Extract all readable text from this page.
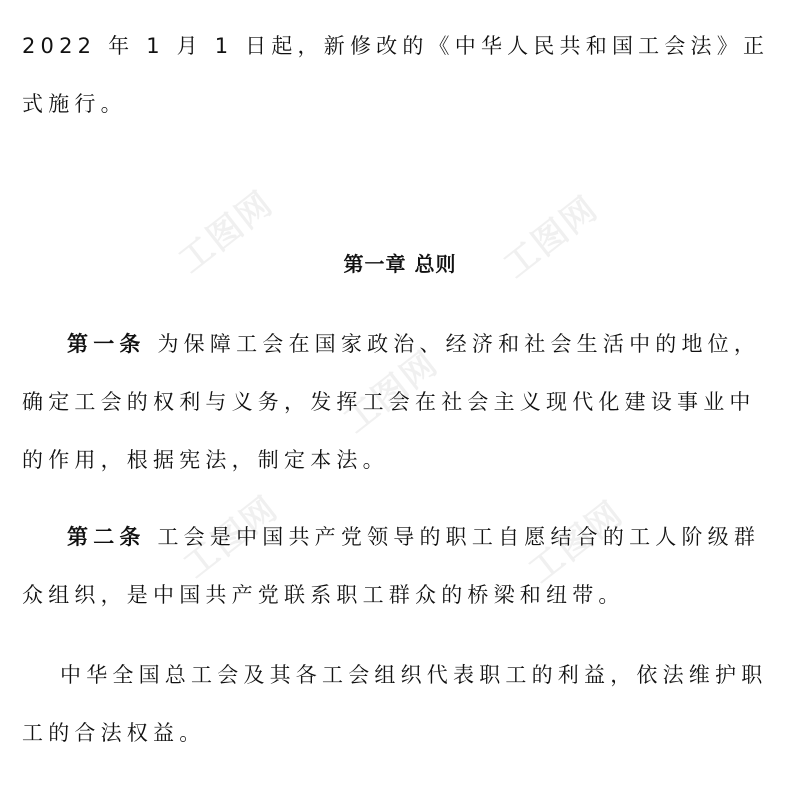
工图网	工图网
工图网
工图网	工图网

2022 年 1 月 1 日起，新修改的《中华人民共和国工会法》正式施行。

第一章 总则

第一条 为保障工会在国家政治、经济和社会生活中的地位，确定工会的权利与义务，发挥工会在社会主义现代化建设事业中的作用，根据宪法，制定本法。

第二条 工会是中国共产党领导的职工自愿结合的工人阶级群众组织，是中国共产党联系职工群众的桥梁和纽带。

中华全国总工会及其各工会组织代表职工的利益，依法维护职工的合法权益。
